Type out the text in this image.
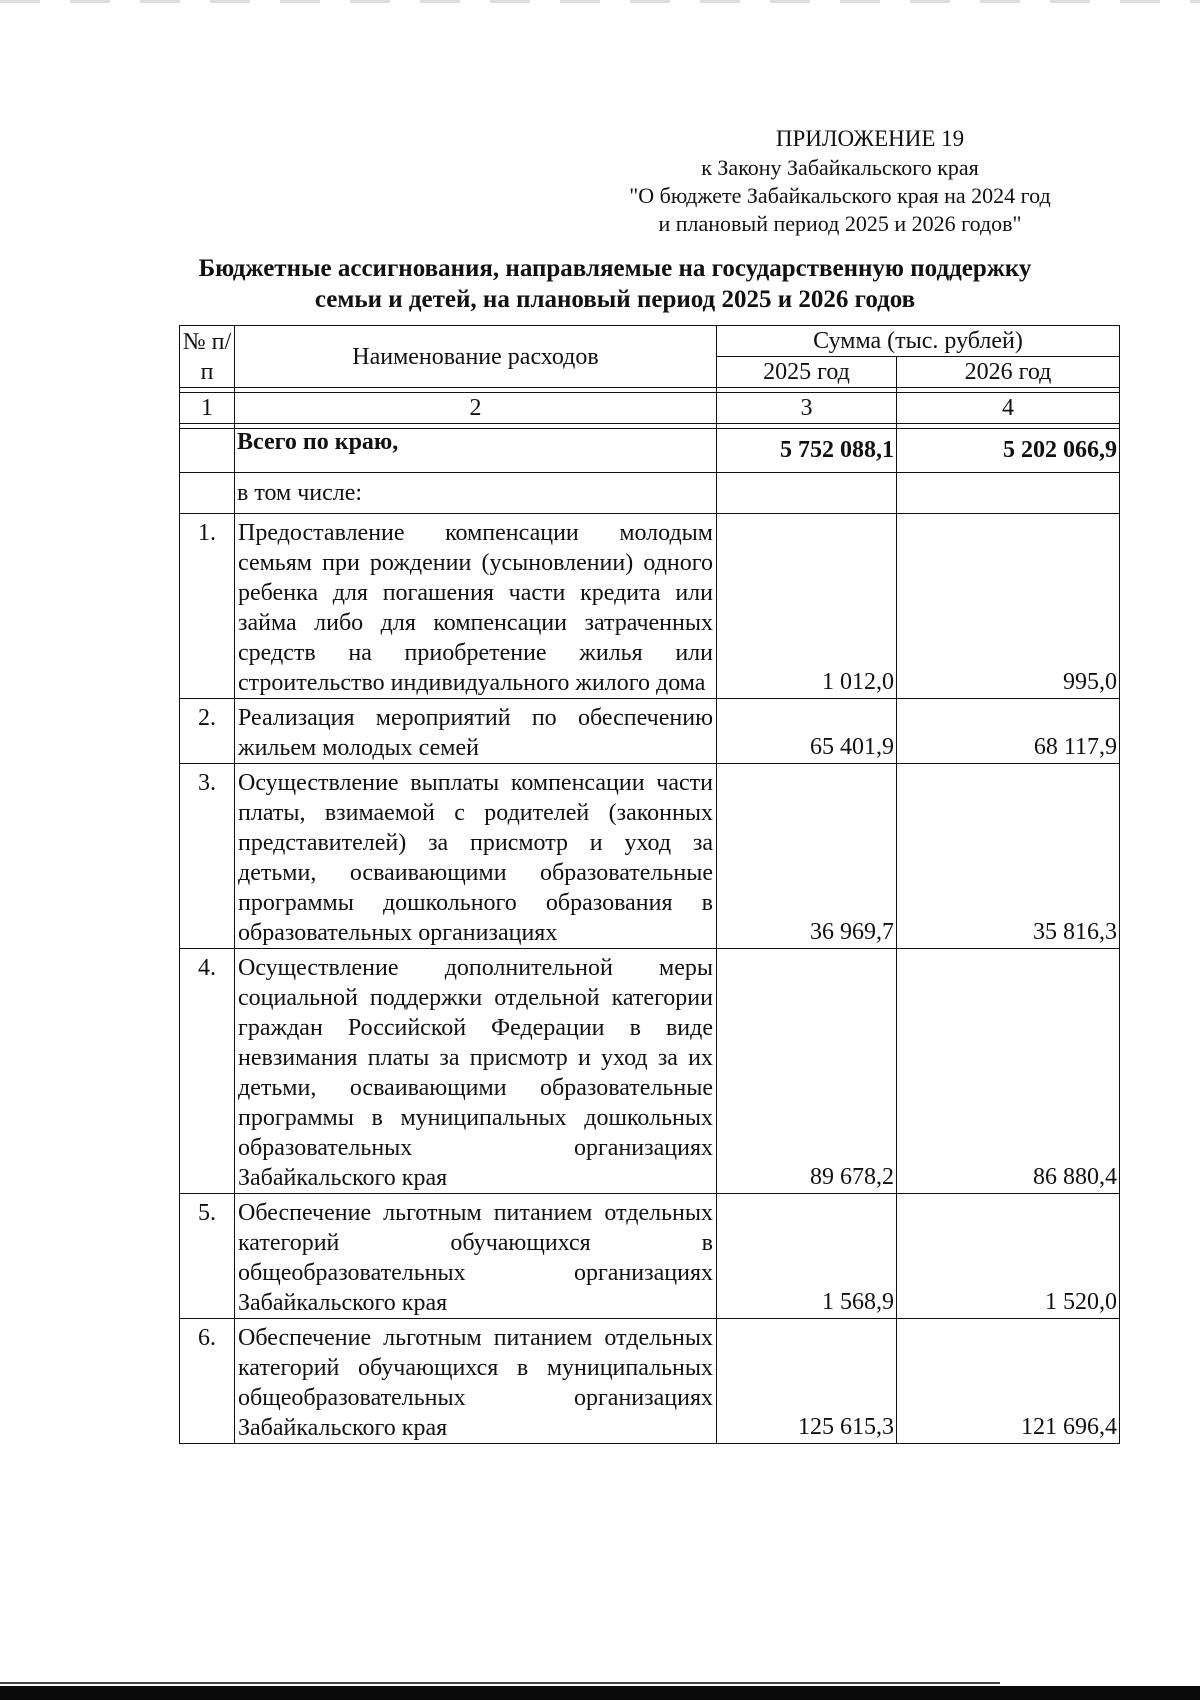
ПРИЛОЖЕНИЕ 19
к Закону Забайкальского края
"О бюджете Забайкальского края на 2024 год
и плановый период 2025 и 2026 годов"
Бюджетные ассигнования, направляемые на государственную поддержку
семьи и детей, на плановый период 2025 и 2026 годов
№ п/п	Наименование расходов	Сумма (тыс. рублей)	
		2025 год	2026 год

1	2	3	4

	Всего по краю,	5 752 088,1	5 202 066,9
	в том числе:		
1.	Предоставление компенсации молодым семьям при рождении (усыновлении) одного ребенка для погашения части кредита или займа либо для компенсации затраченных средств на приобретение жилья или строительство индивидуального жилого дома	1 012,0	995,0
2.	Реализация мероприятий по обеспечению жильем молодых семей	65 401,9	68 117,9
3.	Осуществление выплаты компенсации части платы, взимаемой с родителей (законных представителей) за присмотр и уход за детьми, осваивающими образовательные программы дошкольного образования в образовательных организациях	36 969,7	35 816,3
4.	Осуществление дополнительной меры социальной поддержки отдельной категории граждан Российской Федерации в виде невзимания платы за присмотр и уход за их детьми, осваивающими образовательные программы в муниципальных дошкольных образовательных организациях Забайкальского края	89 678,2	86 880,4
5.	Обеспечение льготным питанием отдельных категорий обучающихся в общеобразовательных организациях Забайкальского края	1 568,9	1 520,0
6.	Обеспечение льготным питанием отдельных категорий обучающихся в муниципальных общеобразовательных организациях Забайкальского края	125 615,3	121 696,4
